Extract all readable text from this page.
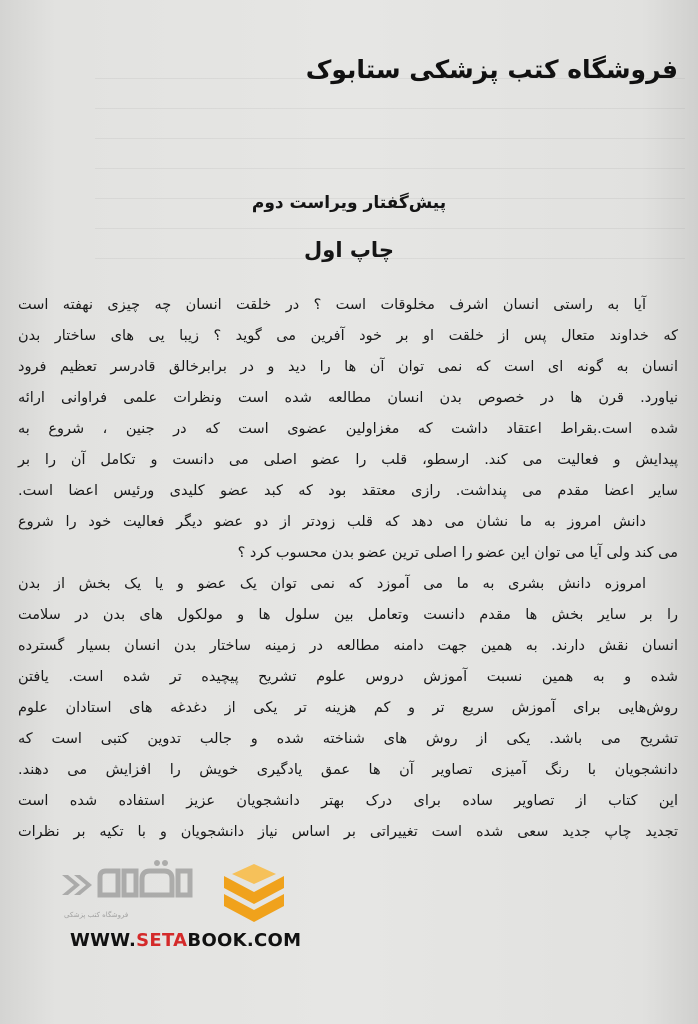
فروشگاه کتب پزشکی ستابوک
پیش‌گفتار ویراست دوم
چاپ اول
آیا به راستی انسان اشرف مخلوقات است ؟ در خلقت انسان چه چیزی نهفته است
که خداوند متعال پس از خلقت او بر خود آفرین می گوید ؟ زیبا یی های ساختار بدن
انسان به گونه ای است که نمی توان آن ها را دید و در برابرخالق قادرسر تعظیم فرود
نیاورد. قرن ها در خصوص بدن انسان مطالعه شده است ونظرات علمی فراوانی ارائه
شده است.بقراط اعتقاد داشت که مغزاولین عضوی است که در جنین ، شروع به
پیدایش و فعالیت می کند. ارسطو، قلب را عضو اصلی می دانست و تکامل آن را بر
سایر اعضا مقدم می پنداشت. رازی معتقد بود که کبد عضو کلیدی ورئیس اعضا است.
دانش امروز به ما نشان می دهد که قلب زودتر از دو عضو دیگر فعالیت خود را شروع
می کند ولی آیا می توان این عضو را اصلی ترین عضو بدن محسوب کرد ؟
امروزه دانش بشری به ما می آموزد که نمی توان یک عضو و یا یک بخش از بدن
را بر سایر بخش ها مقدم دانست وتعامل بین سلول ها و مولکول های بدن در سلامت
انسان نقش دارند. به همین جهت دامنه مطالعه در زمینه ساختار بدن انسان بسیار گسترده
شده و به همین نسبت آموزش دروس علوم تشریح پیچیده تر شده است. یافتن
روش‌هایی برای آموزش سریع تر و کم هزینه تر یکی از دغدغه های استادان علوم
تشریح می باشد. یکی از روش های شناخته شده و جالب تدوین کتبی است که
دانشجویان با رنگ آمیزی تصاویر آن ها عمق یادگیری خویش را افزایش می دهند.
این کتاب از تصاویر ساده برای درک بهتر دانشجویان عزیز استفاده شده است
تجدید چاپ جدید سعی شده است تغییراتی بر اساس نیاز دانشجویان و با تکیه بر نظرات
فروشگاه کتب پزشکی
WWW.SETABOOK.COM
